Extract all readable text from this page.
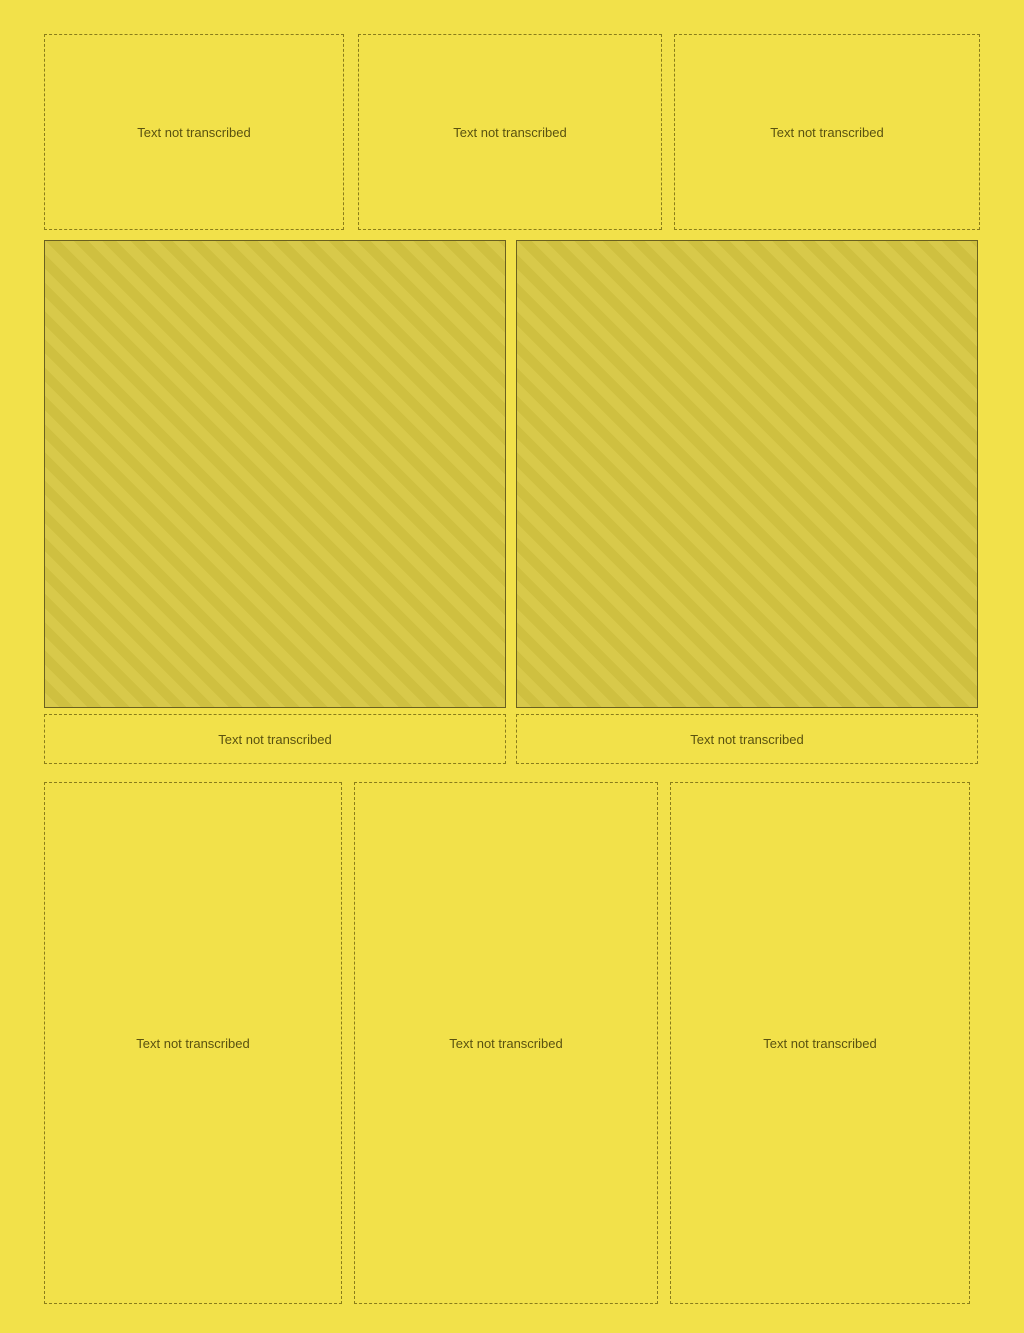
Text not transcribed	Text not transcribed	Text not transcribed
Text not transcribed	Text not transcribed
Text not transcribed	Text not transcribed	Text not transcribed
